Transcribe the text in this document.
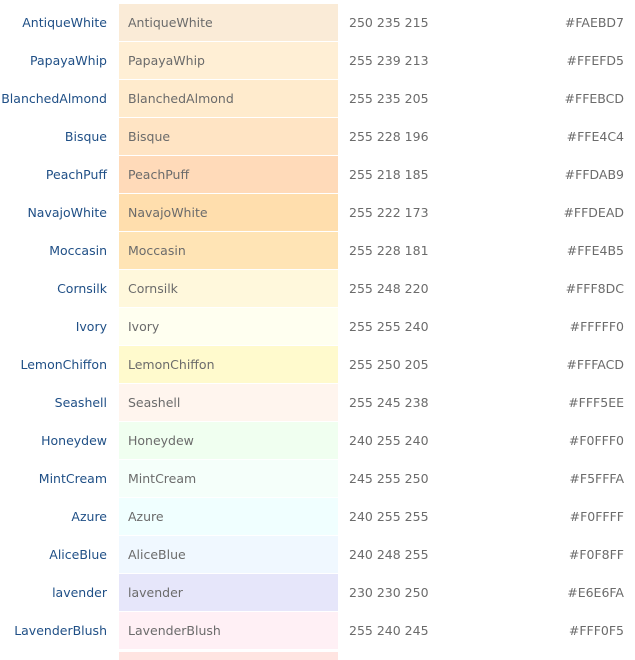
AntiqueWhite AntiqueWhite	250 235 215	#FAEBD7
PapayaWhip PapayaWhip	255 239 213	#FFEFD5
BlanchedAlmond BlanchedAlmond	255 235 205	#FFEBCD
Bisque Bisque	255 228 196	#FFE4C4
PeachPuff PeachPuff	255 218 185	#FFDAB9
NavajoWhite NavajoWhite	255 222 173	#FFDEAD
Moccasin Moccasin	255 228 181	#FFE4B5
Cornsilk Cornsilk	255 248 220	#FFF8DC
Ivory Ivory	255 255 240	#FFFFF0
LemonChiffon LemonChiffon	255 250 205	#FFFACD
Seashell Seashell	255 245 238	#FFF5EE
Honeydew Honeydew	240 255 240	#F0FFF0
MintCream MintCream	245 255 250	#F5FFFA
Azure Azure	240 255 255	#F0FFFF
AliceBlue AliceBlue	240 248 255	#F0F8FF
lavender lavender	230 230 250	#E6E6FA
LavenderBlush LavenderBlush	255 240 245	#FFF0F5
